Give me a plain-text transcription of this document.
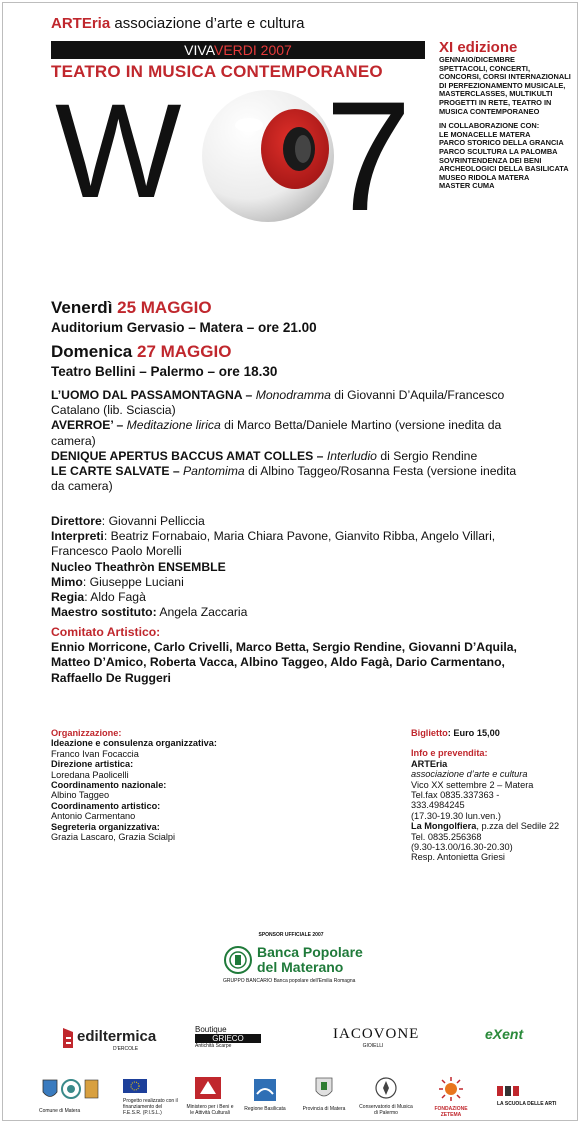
ARTEria associazione d’arte e cultura
VIVAVERDI 2007
TEATRO IN MUSICA CONTEMPORANEO
W 7
XI edizione
GENNAIO/DICEMBRE
SPETTACOLI, CONCERTI,
CONCORSI, CORSI INTERNAZIONALI
DI PERFEZIONAMENTO MUSICALE,
MASTERCLASSES, MULTIKULTI
PROGETTI IN RETE, TEATRO IN
MUSICA CONTEMPORANEO
IN COLLABORAZIONE CON:
LE MONACELLE MATERA
PARCO STORICO DELLA GRANCIA
PARCO SCULTURA LA PALOMBA
SOVRINTENDENZA DEI BENI
ARCHEOLOGICI DELLA BASILICATA
MUSEO RIDOLA MATERA
MASTER CUMA
Venerdì 25 MAGGIO
Auditorium Gervasio – Matera – ore 21.00
Domenica 27 MAGGIO
Teatro Bellini – Palermo – ore 18.30
L’UOMO DAL PASSAMONTAGNA – Monodramma di Giovanni D’Aquila/Francesco Catalano (lib. Sciascia)
AVERROE’ – Meditazione lirica di Marco Betta/Daniele Martino (versione inedita da camera)
DENIQUE APERTUS BACCUS AMAT COLLES – Interludio di Sergio Rendine
LE CARTE SALVATE – Pantomima di Albino Taggeo/Rosanna Festa (versione inedita da camera)
Direttore: Giovanni Pelliccia
Interpreti: Beatriz Fornabaio, Maria Chiara Pavone, Gianvito Ribba, Angelo Villari, Francesco Paolo Morelli
Nucleo Theathròn ENSEMBLE
Mimo: Giuseppe Luciani
Regia: Aldo Fagà
Maestro sostituto: Angela Zaccaria
Comitato Artistico:
Ennio Morricone, Carlo Crivelli, Marco Betta, Sergio Rendine, Giovanni D’Aquila, Matteo D’Amico, Roberta Vacca, Albino Taggeo, Aldo Fagà, Dario Carmentano, Raffaello De Ruggeri
Organizzazione:
Ideazione e consulenza organizzativa:
Franco Ivan Focaccia
Direzione artistica:
Loredana Paolicelli
Coordinamento nazionale:
Albino Taggeo
Coordinamento artistico:
Antonio Carmentano
Segreteria organizzativa:
Grazia Lascaro, Grazia Scialpi
Biglietto: Euro 15,00
Info e prevendita:
ARTEria
associazione d’arte e cultura
Vico XX settembre 2 – Matera
Tel.fax 0835.337363 -
333.4984245
(17.30-19.30 lun.ven.)
La Mongolfiera, p.zza del Sedile 22
Tel. 0835.256368
(9.30-13.00/16.30-20.30)
Resp. Antonietta Griesi
SPONSOR UFFICIALE 2007
Banca Popolare
del Materano
GRUPPO BANCARIO Banca popolare dell'Emilia Romagna
ediltermica
D'ERCOLE
Boutique
GRIECO
Antichità Scarpe
IACOVONE
GIOIELLI
eXent
Comune di Matera
Progetto realizzato con il finanziamento del F.E.S.R. (P.I.S.L.)
Ministero per i Beni e le Attività Culturali
Regione Basilicata	Provincia di Matera	Conservatorio di Musica di Palermo
FONDAZIONE ZETEMA
LA SCUOLA DELLE ARTI
